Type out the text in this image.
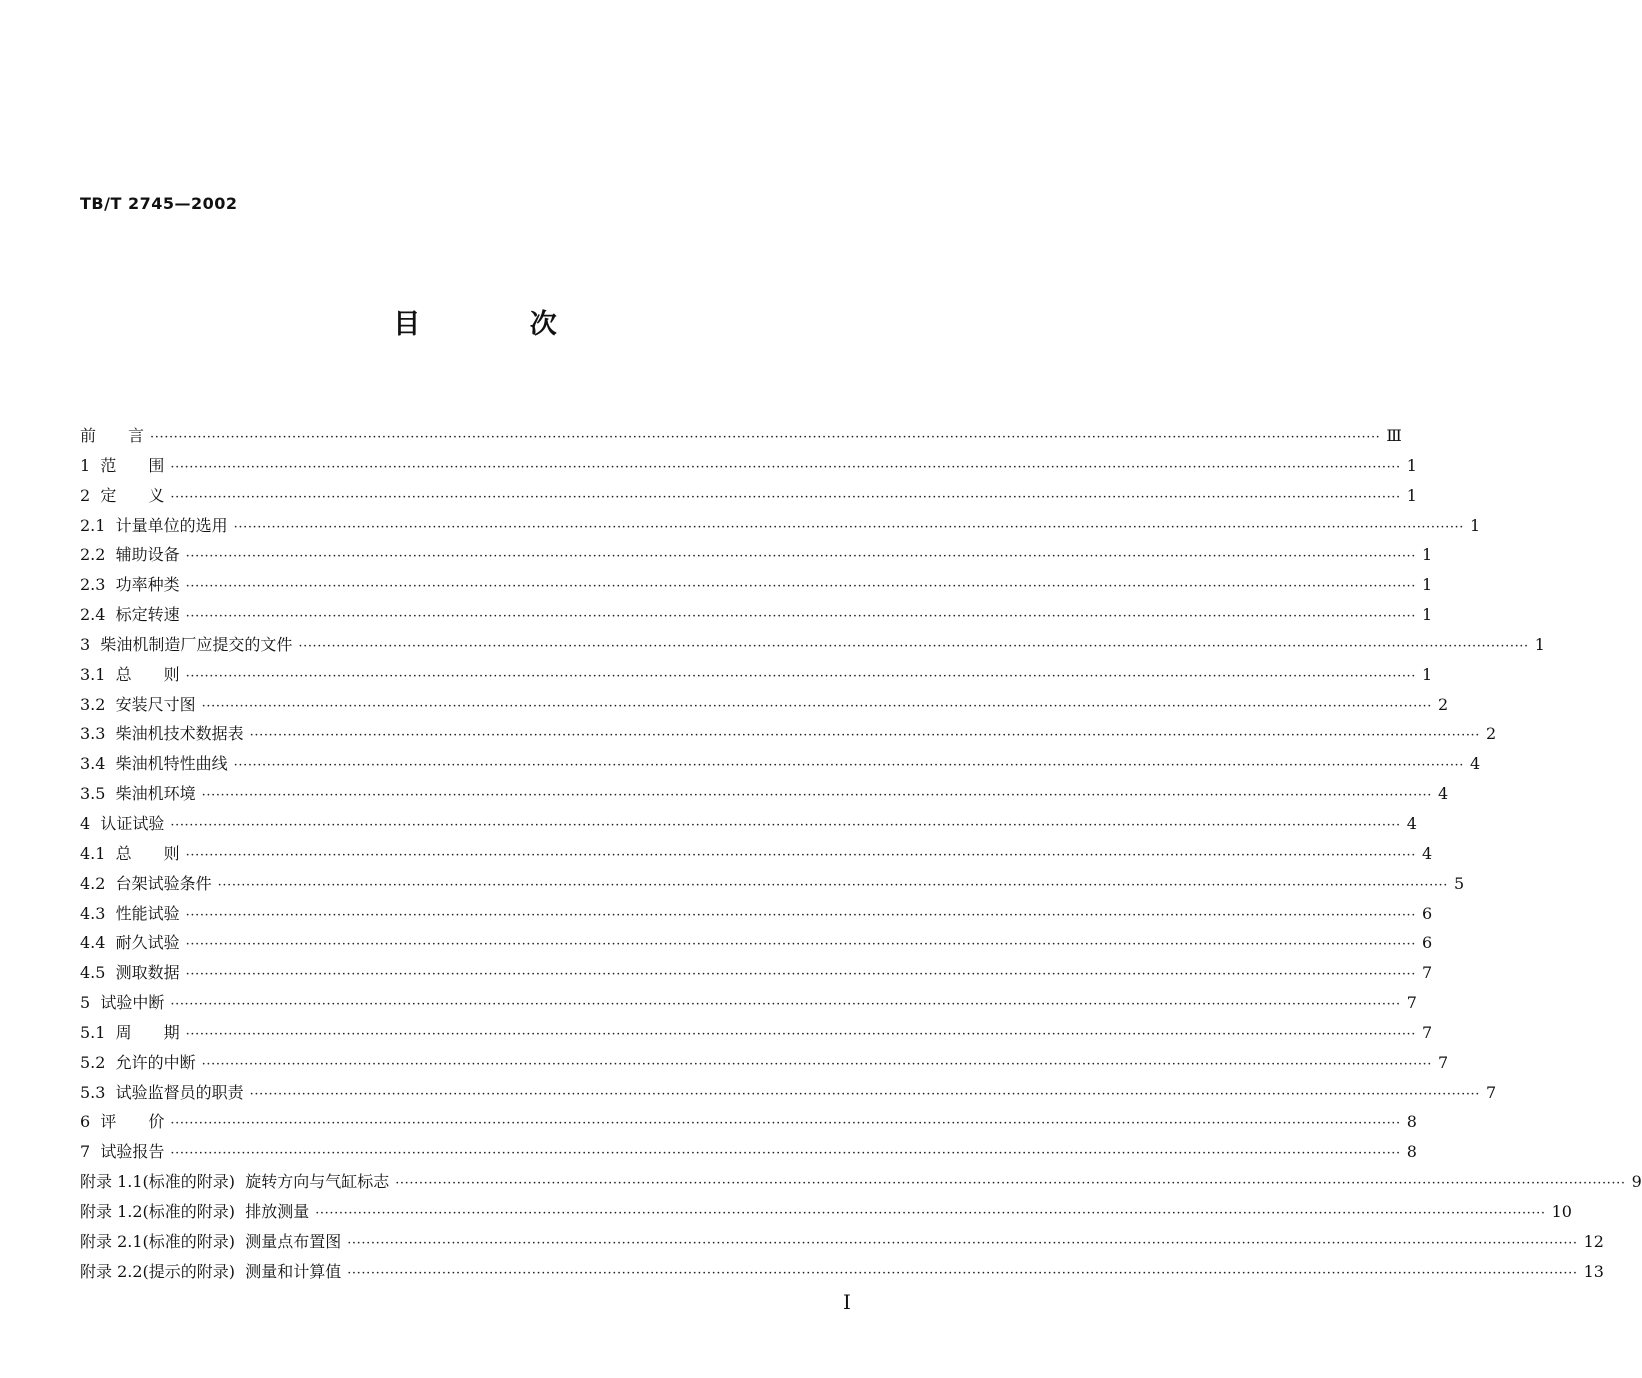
TB/T 2745—2002
目 次
前　　言 ···································································································································································································································································· Ⅲ
1  范　　围 ···································································································································································································································································· 1
2  定　　义 ···································································································································································································································································· 1
2.1  计量单位的选用 ···································································································································································································································································· 1
2.2  辅助设备 ···································································································································································································································································· 1
2.3  功率种类 ···································································································································································································································································· 1
2.4  标定转速 ···································································································································································································································································· 1
3  柴油机制造厂应提交的文件 ···································································································································································································································································· 1
3.1  总　　则 ···································································································································································································································································· 1
3.2  安装尺寸图 ···································································································································································································································································· 2
3.3  柴油机技术数据表 ···································································································································································································································································· 2
3.4  柴油机特性曲线 ···································································································································································································································································· 4
3.5  柴油机环境 ···································································································································································································································································· 4
4  认证试验 ···································································································································································································································································· 4
4.1  总　　则 ···································································································································································································································································· 4
4.2  台架试验条件 ···································································································································································································································································· 5
4.3  性能试验 ···································································································································································································································································· 6
4.4  耐久试验 ···································································································································································································································································· 6
4.5  测取数据 ···································································································································································································································································· 7
5  试验中断 ···································································································································································································································································· 7
5.1  周　　期 ···································································································································································································································································· 7
5.2  允许的中断 ···································································································································································································································································· 7
5.3  试验监督员的职责 ···································································································································································································································································· 7
6  评　　价 ···································································································································································································································································· 8
7  试验报告 ···································································································································································································································································· 8
附录 1.1(标准的附录)  旋转方向与气缸标志 ···································································································································································································································································· 9
附录 1.2(标准的附录)  排放测量 ···································································································································································································································································· 10
附录 2.1(标准的附录)  测量点布置图 ···································································································································································································································································· 12
附录 2.2(提示的附录)  测量和计算值 ···································································································································································································································································· 13
I
